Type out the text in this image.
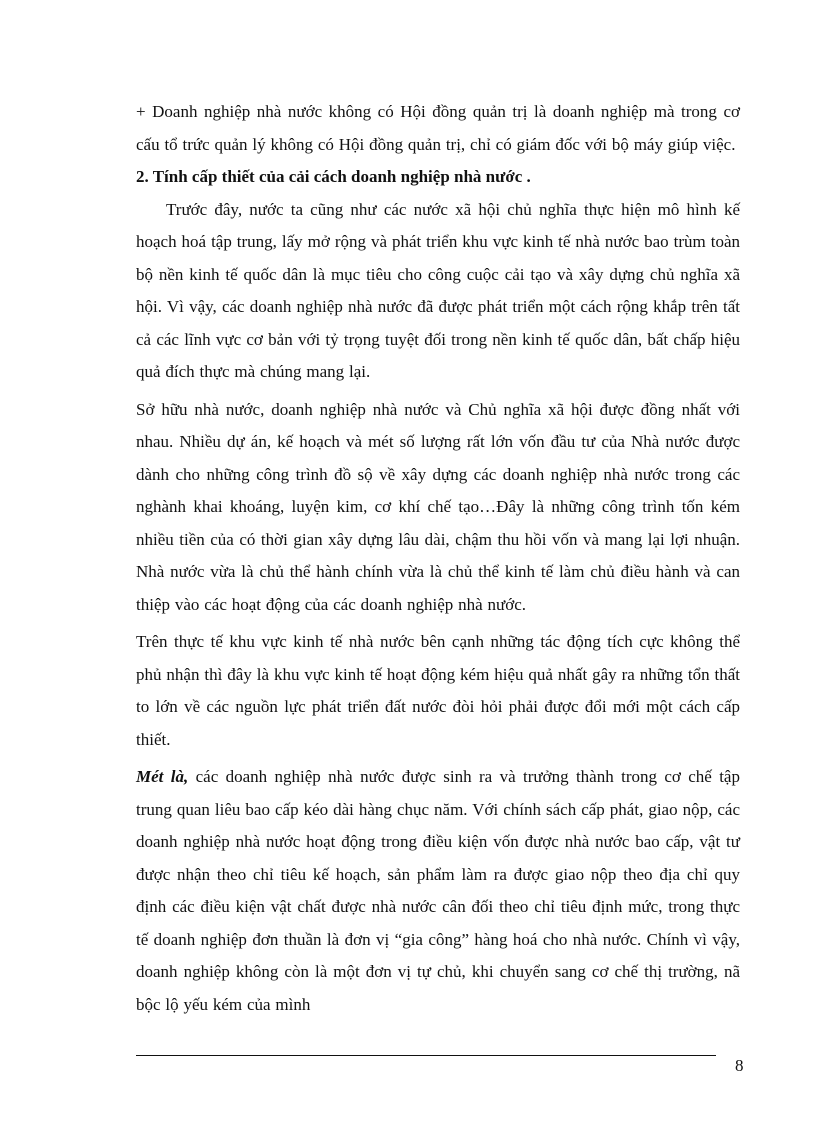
+ Doanh nghiệp nhà nước không có Hội đồng quản trị là doanh nghiệp mà trong cơ cấu tổ trức quản lý không có Hội đồng quản trị, chỉ có giám đốc với bộ máy giúp việc.

2. Tính cấp thiết của cải cách doanh nghiệp nhà nước .

Trước đây, nước ta cũng như các nước xã hội chủ nghĩa thực hiện mô hình kế hoạch hoá tập trung, lấy mở rộng và phát triển khu vực kinh tế nhà nước bao trùm toàn bộ nền kinh tế quốc dân là mục tiêu cho công cuộc cải tạo và xây dựng chủ nghĩa xã hội. Vì vậy, các doanh nghiệp nhà nước đã được phát triển một cách rộng khắp trên tất cả các lĩnh vực cơ bản với tỷ trọng tuyệt đối trong nền kinh tế quốc dân, bất chấp hiệu quả đích thực mà chúng mang lại.

Sở hữu nhà nước, doanh nghiệp nhà nước và Chủ nghĩa xã hội được đồng nhất với nhau. Nhiều dự án, kế hoạch và mét số lượng rất lớn vốn đầu tư của Nhà nước được dành cho những công trình đồ sộ về xây dựng các doanh nghiệp nhà nước trong các nghành khai khoáng, luyện kim, cơ khí chế tạo…Đây là những công trình tốn kém nhiều tiền của có thời gian xây dựng lâu dài, chậm thu hồi vốn và mang lại lợi nhuận. Nhà nước vừa là chủ thể hành chính vừa là chủ thể kinh tế làm chủ điều hành và can thiệp vào các hoạt động của các doanh nghiệp nhà nước.

Trên thực tế khu vực kinh tế nhà nước bên cạnh những tác động tích cực không thể phủ nhận thì đây là khu vực kinh tế hoạt động kém hiệu quả nhất gây ra những tổn thất to lớn về các nguồn lực phát triển đất nước đòi hỏi phải được đổi mới một cách cấp thiết.

Mét là, các doanh nghiệp nhà nước được sinh ra và trưởng thành trong cơ chế tập trung quan liêu bao cấp kéo dài hàng chục năm. Với chính sách cấp phát, giao nộp, các doanh nghiệp nhà nước hoạt động trong điều kiện vốn được nhà nước bao cấp, vật tư được nhận theo chỉ tiêu kế hoạch, sản phẩm làm ra được giao nộp theo địa chỉ quy định các điều kiện vật chất được nhà nước cân đối theo chỉ tiêu định mức, trong thực tế doanh nghiệp đơn thuần là đơn vị “gia công” hàng hoá cho nhà nước. Chính vì vậy, doanh nghiệp không còn là một đơn vị tự chủ, khi chuyển sang cơ chế thị trường, nã bộc lộ yếu kém của mình

8
